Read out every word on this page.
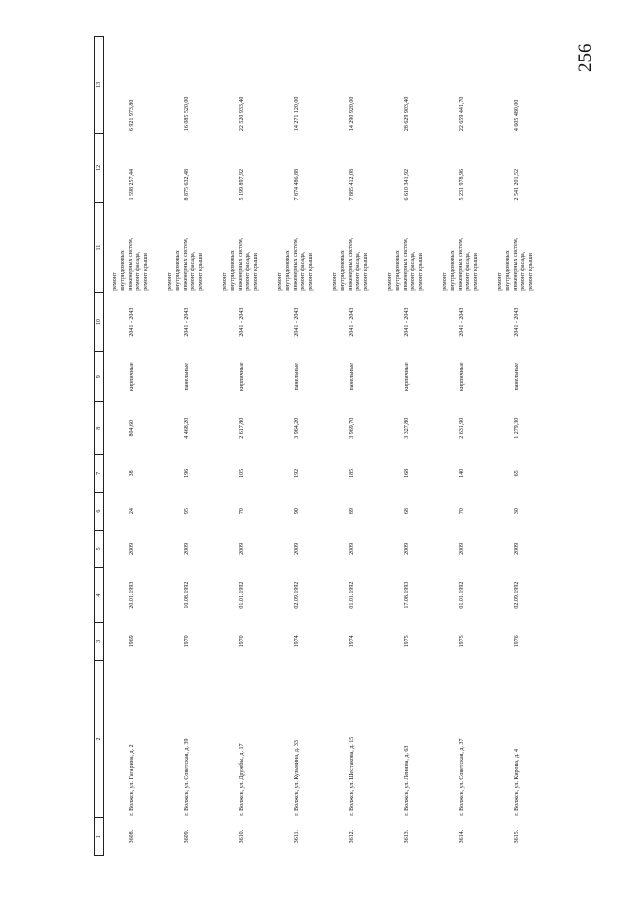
256
1	2	3	4	5	6	7	8	9	10	11	12	13
3608.	г. Волжск, ул. Гагарина, д. 2	1969	20.01.1993	2009	24	38	804,60	кирпичные	2041 - 2043	ремонт
внутридомовых
инженерных систем,
ремонт фасада,
ремонт крыши	1 598 257,44	6 921 973,80
3609.	г. Волжск, ул. Советская, д. 39	1970	10.08.1992	2009	95	196	4 468,20	панельные	2041 - 2043	ремонт
внутридомовых
инженерных систем,
ремонт фасада,
ремонт крыши	8 875 632,48	16 085 520,00
3610.	г. Волжск, ул. Дружбы, д. 17	1970	01.01.1992	2009	70	105	2 617,80	кирпичные	2041 - 2043	ремонт
внутридомовых
инженерных систем,
ремонт фасада,
ремонт крыши	5 199 897,92	22 520 933,40
3611.	г. Волжск, ул. Кузьмина, д. 33	1974	02.09.1992	2009	90	192	3 964,20	панельные	2041 - 2043	ремонт
внутридомовых
инженерных систем,
ремонт фасада,
ремонт крыши	7 874 486,88	14 271 120,00
3612.	г. Волжск, ул. Шестакова, д. 15	1974	01.01.1992	2009	89	185	3 969,70	панельные	2041 - 2043	ремонт
внутридомовых
инженерных систем,
ремонт фасада,
ремонт крыши	7 885 412,08	14 290 920,00
3613.	г. Волжск, ул. Ленина, д. 63	1975	17.08.1993	2009	68	168	3 327,80	кирпичные	2041 - 2043	ремонт
внутридомовых
инженерных систем,
ремонт фасада,
ремонт крыши	6 610 341,92	28 629 903,40
3614.	г. Волжск, ул. Советская, д. 37	1975	01.01.1992	2009	70	140	2 631,90	кирпичные	2041 - 2043	ремонт
внутридомовых
инженерных систем,
ремонт фасада,
ремонт крыши	5 231 978,96	22 659 441,70
3615.	г. Волжск, ул. Кирова, д. 4	1976	02.09.1992	2009	30	65	1 279,30	панельные	2041 - 2043	ремонт
внутридомовых
инженерных систем,
ремонт фасада,
ремонт крыши	2 541 201,52	4 605 480,00
